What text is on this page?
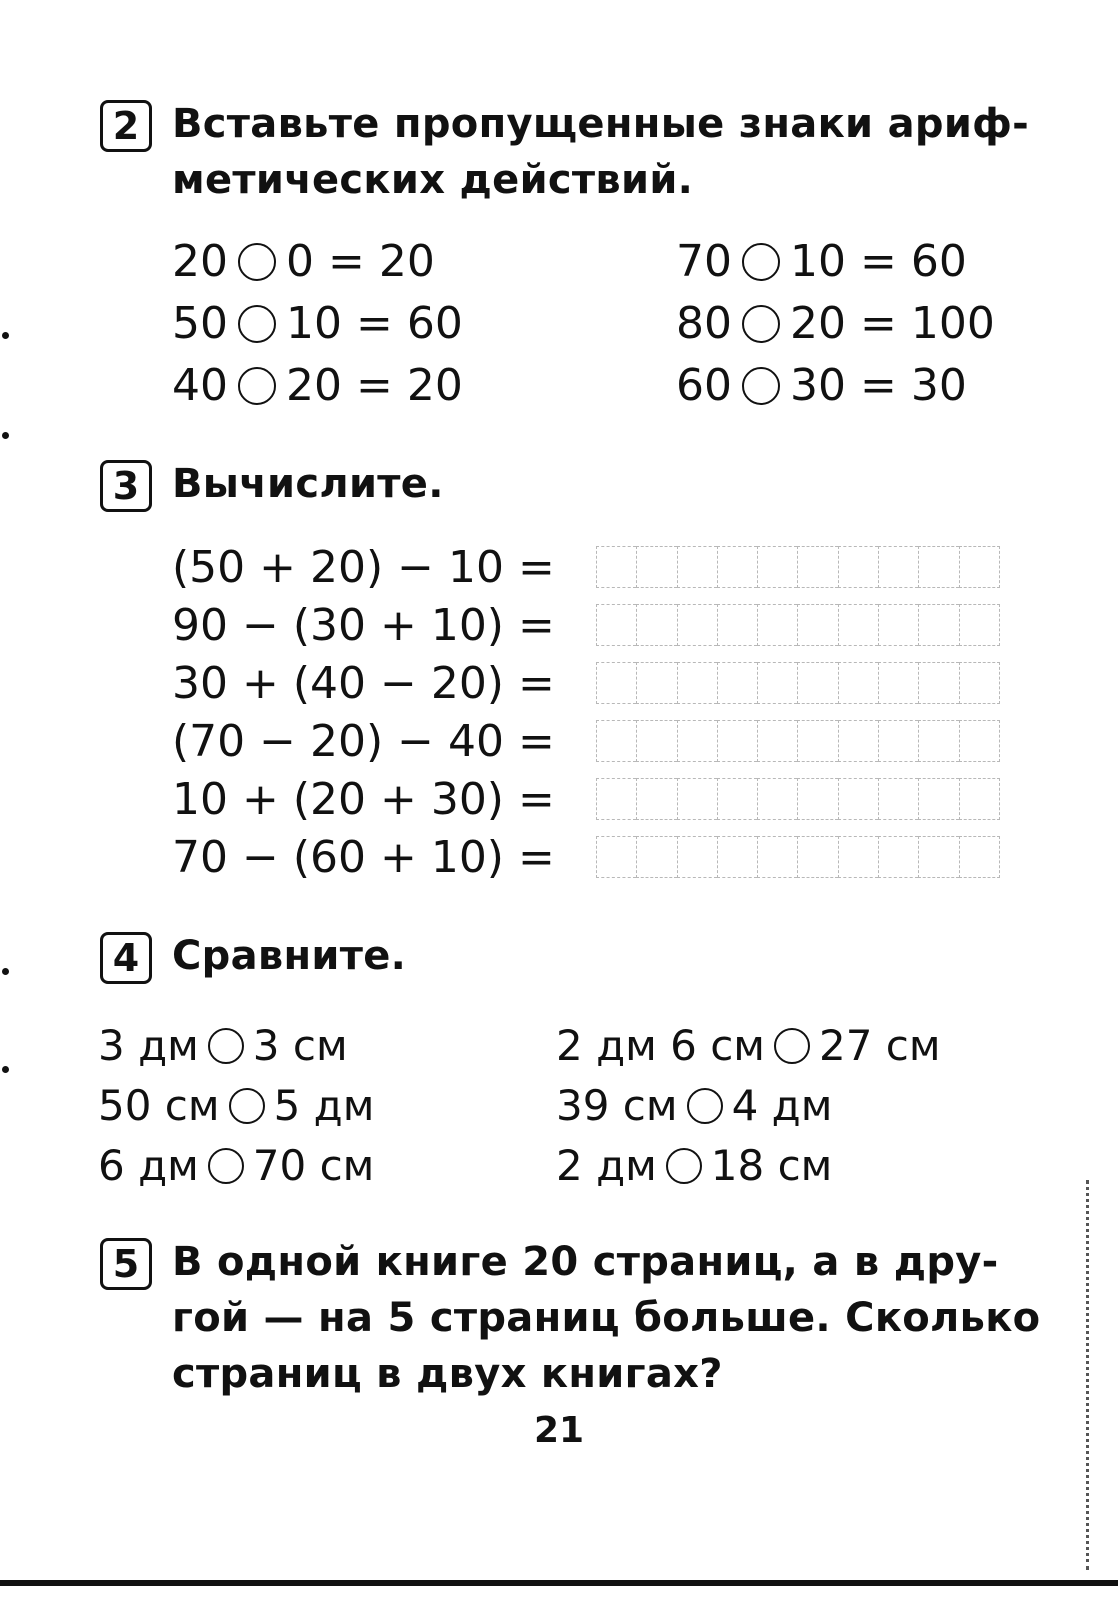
2 Вставьте пропущенные знаки ариф-
метических действий.
20 0 = 20
50 10 = 60
40 20 = 20
70 10 = 60
80 20 = 100
60 30 = 30
3 Вычислите.
(50 + 20) − 10 =
90 − (30 + 10) =
30 + (40 − 20) =
(70 − 20) − 40 =
10 + (20 + 30) =
70 − (60 + 10) =
4 Сравните.
3 дм 3 см
50 см 5 дм
6 дм 70 см
2 дм 6 см 27 см
39 см 4 дм
2 дм 18 см
5 В одной книге 20 страниц, а в дру-
гой — на 5 страниц больше. Сколько
страниц в двух книгах?
21
